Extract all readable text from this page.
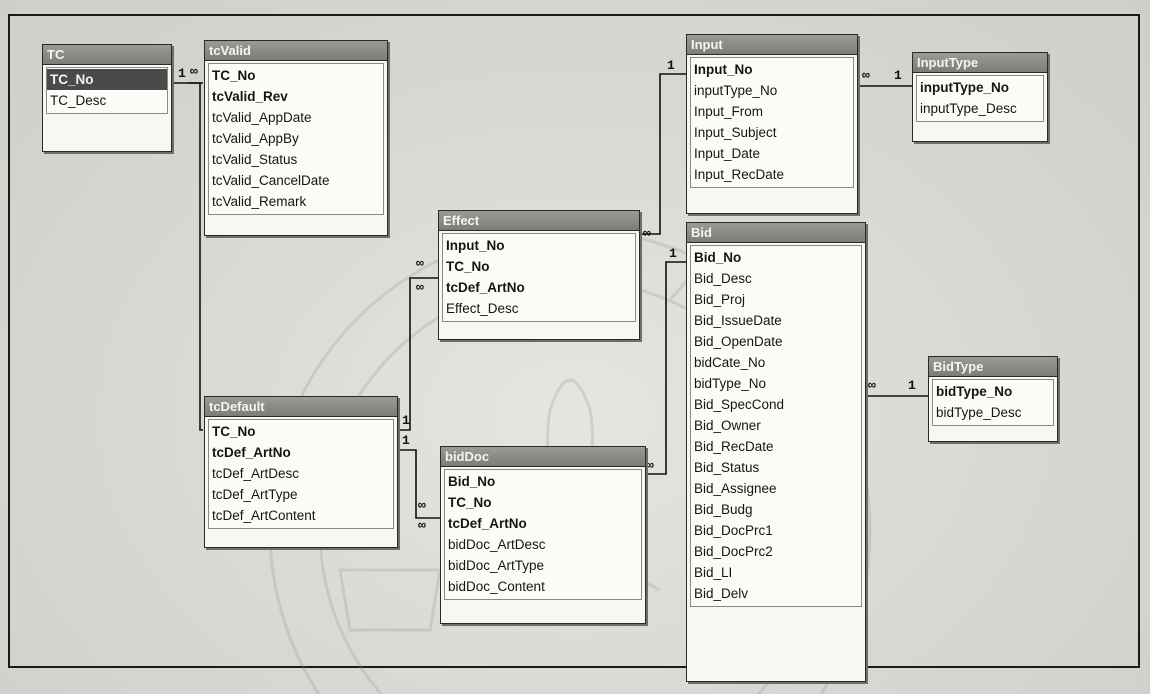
1 ∞
1
1
∞
∞
∞
∞
∞
1
∞ 1
1
∞
∞ 1
TC
TC_No
TC_Desc
tcValid
TC_No
tcValid_Rev
tcValid_AppDate
tcValid_AppBy
tcValid_Status
tcValid_CancelDate
tcValid_Remark
Input
Input_No
inputType_No
Input_From
Input_Subject
Input_Date
Input_RecDate
InputType
inputType_No
inputType_Desc
Effect
Input_No
TC_No
tcDef_ArtNo
Effect_Desc
Bid
Bid_No
Bid_Desc
Bid_Proj
Bid_IssueDate
Bid_OpenDate
bidCate_No
bidType_No
Bid_SpecCond
Bid_Owner
Bid_RecDate
Bid_Status
Bid_Assignee
Bid_Budg
Bid_DocPrc1
Bid_DocPrc2
Bid_LI
Bid_Delv
tcDefault
TC_No
tcDef_ArtNo
tcDef_ArtDesc
tcDef_ArtType
tcDef_ArtContent
bidDoc
Bid_No
TC_No
tcDef_ArtNo
bidDoc_ArtDesc
bidDoc_ArtType
bidDoc_Content
BidType
bidType_No
bidType_Desc
